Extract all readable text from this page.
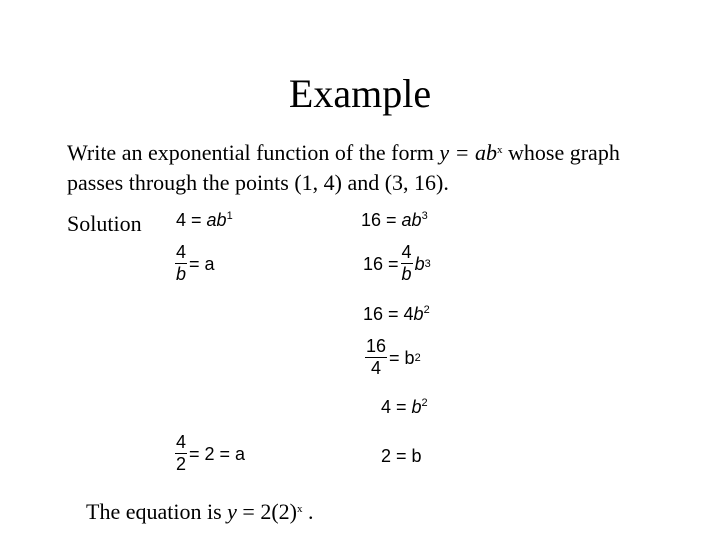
Example
Write an exponential function of the form $y = ab^x$ whose graph
passes through the points (1, 4) and (3, 16).
Solution $4 = ab^1$
$\frac{4}{b} = a$
$\frac{4}{2} = 2 = a$
$16 = ab^3$
$16 = \frac{4}{b}$ b 3
$16 = 4b^2$
$\frac{16}{4} = b$ 2
$4 = b^2$
2 = b
The equation is $y = 2(2)^x$ .
